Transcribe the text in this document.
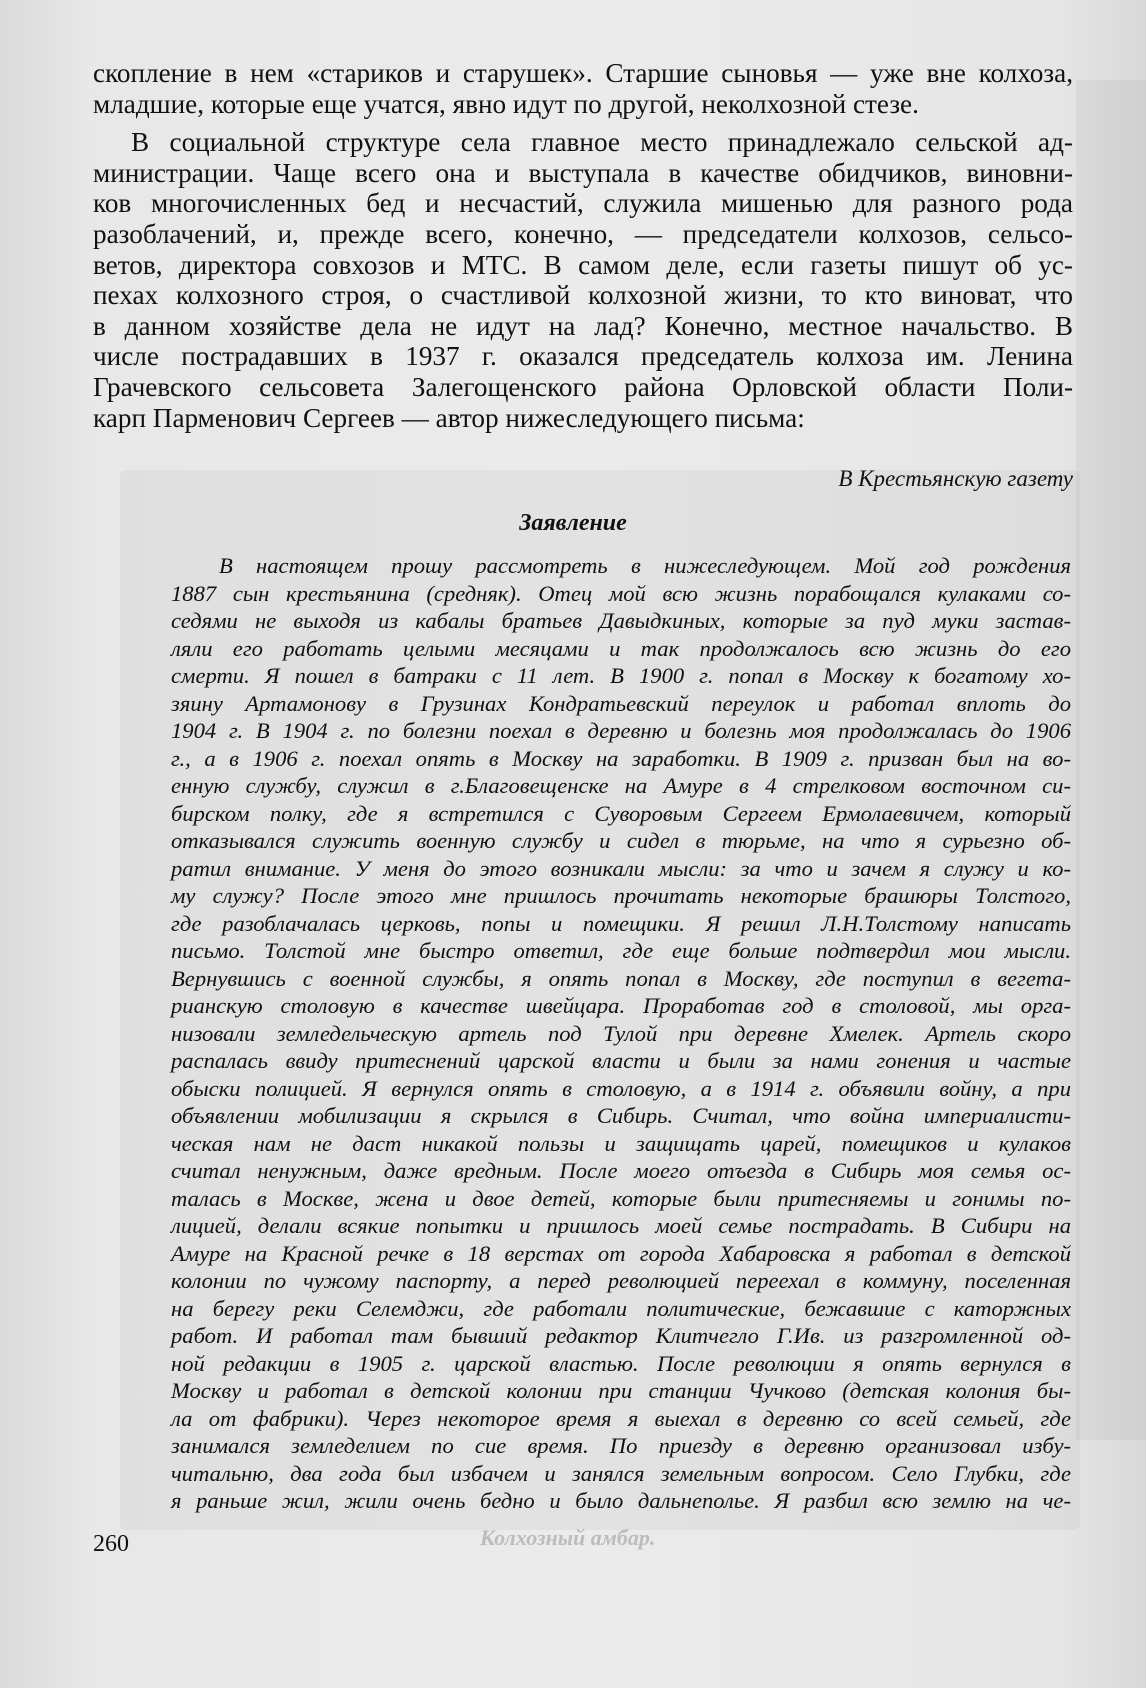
скопление в нем «стариков и старушек». Старшие сыновья — уже вне колхоза,
младшие, которые еще учатся, явно идут по другой, неколхозной стезе.
В социальной структуре села главное место принадлежало сельской ад-
министрации. Чаще всего она и выступала в качестве обидчиков, виновни-
ков многочисленных бед и несчастий, служила мишенью для разного рода
разоблачений, и, прежде всего, конечно, — председатели колхозов, сельсо-
ветов, директора совхозов и МТС. В самом деле, если газеты пишут об ус-
пехах колхозного строя, о счастливой колхозной жизни, то кто виноват, что
в данном хозяйстве дела не идут на лад? Конечно, местное начальство. В
числе пострадавших в 1937 г. оказался председатель колхоза им. Ленина
Грачевского сельсовета Залегощенского района Орловской области Поли-
карп Парменович Сергеев — автор нижеследующего письма:
В Крестьянскую газету
Заявление
В настоящем прошу рассмотреть в нижеследующем. Мой год рождения
1887 сын крестьянина (средняк). Отец мой всю жизнь порабощался кулаками со-
седями не выходя из кабалы братьев Давыдкиных, которые за пуд муки застав-
ляли его работать целыми месяцами и так продолжалось всю жизнь до его
смерти. Я пошел в батраки с 11 лет. В 1900 г. попал в Москву к богатому хо-
зяину Артамонову в Грузинах Кондратьевский переулок и работал вплоть до
1904 г. В 1904 г. по болезни поехал в деревню и болезнь моя продолжалась до 1906
г., а в 1906 г. поехал опять в Москву на заработки. В 1909 г. призван был на во-
енную службу, служил в г.Благовещенске на Амуре в 4 стрелковом восточном си-
бирском полку, где я встретился с Суворовым Сергеем Ермолаевичем, который
отказывался служить военную службу и сидел в тюрьме, на что я сурьезно об-
ратил внимание. У меня до этого возникали мысли: за что и зачем я служу и ко-
му служу? После этого мне пришлось прочитать некоторые брашюры Толстого,
где разоблачалась церковь, попы и помещики. Я решил Л.Н.Толстому написать
письмо. Толстой мне быстро ответил, где еще больше подтвердил мои мысли.
Вернувшись с военной службы, я опять попал в Москву, где поступил в вегета-
рианскую столовую в качестве швейцара. Проработав год в столовой, мы орга-
низовали земледельческую артель под Тулой при деревне Хмелек. Артель скоро
распалась ввиду притеснений царской власти и были за нами гонения и частые
обыски полицией. Я вернулся опять в столовую, а в 1914 г. объявили войну, а при
объявлении мобилизации я скрылся в Сибирь. Считал, что война империалисти-
ческая нам не даст никакой пользы и защищать царей, помещиков и кулаков
считал ненужным, даже вредным. После моего отъезда в Сибирь моя семья ос-
талась в Москве, жена и двое детей, которые были притесняемы и гонимы по-
лицией, делали всякие попытки и пришлось моей семье пострадать. В Сибири на
Амуре на Красной речке в 18 верстах от города Хабаровска я работал в детской
колонии по чужому паспорту, а перед революцией переехал в коммуну, поселенная
на берегу реки Селемджи, где работали политические, бежавшие с каторжных
работ. И работал там бывший редактор Клитчегло Г.Ив. из разгромленной од-
ной редакции в 1905 г. царской властью. После революции я опять вернулся в
Москву и работал в детской колонии при станции Чучково (детская колония бы-
ла от фабрики). Через некоторое время я выехал в деревню со всей семьей, где
занимался земледелием по сие время. По приезду в деревню организовал избу-
читальню, два года был избачем и занялся земельным вопросом. Село Глубки, где
я раньше жил, жили очень бедно и было дальнеполье. Я разбил всю землю на че-
260	Колхозный амбар.
